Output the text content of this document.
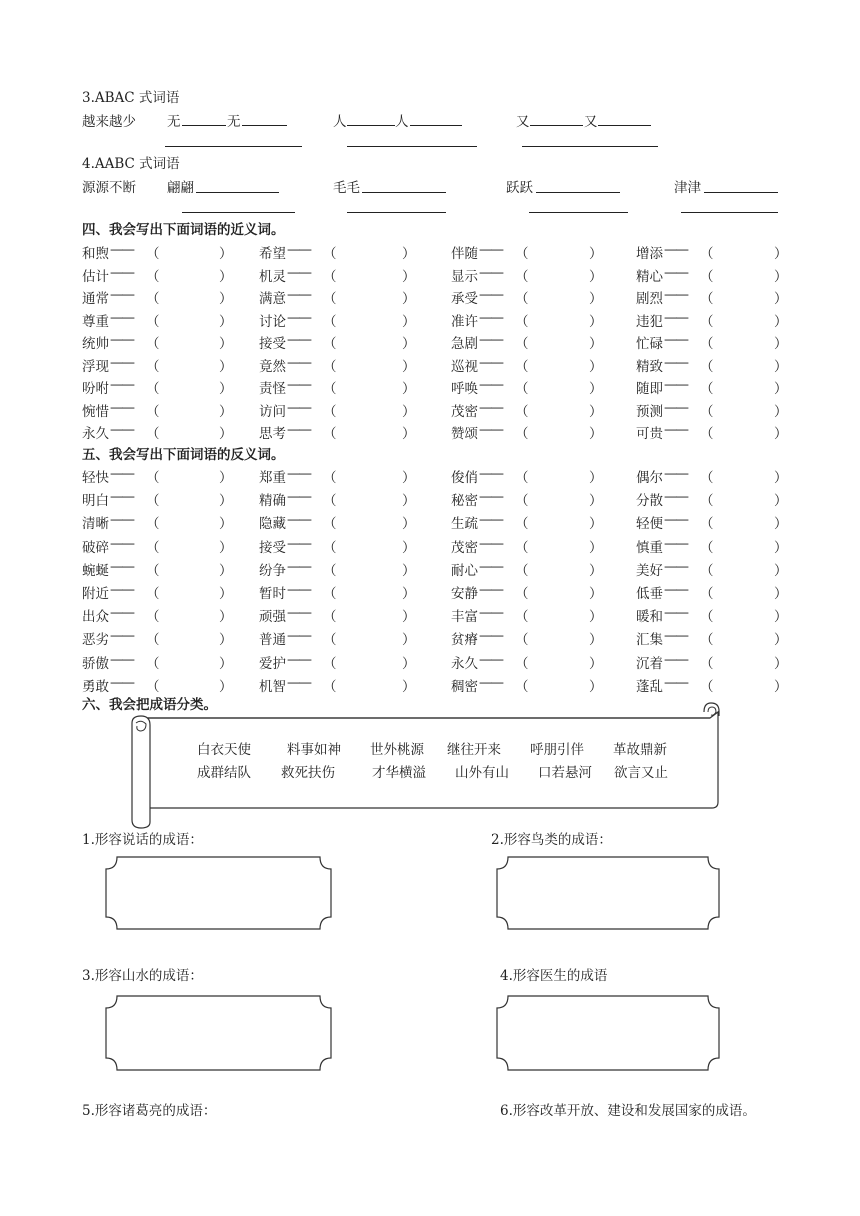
3.ABAC 式词语
越来越少 无	无	人	人	又	又
4.AABC 式词语
源源不断 翩翩	毛毛	跃跃	津津
四、我会写出下面词语的近义词。
和煦 —— （	） 希望 —— （	）	伴随 —— （	） 增添 —— （	）
估计 —— （	） 机灵 —— （	）	显示 —— （	） 精心 —— （	）
通常 —— （	） 满意 —— （	）	承受 —— （	） 剧烈 —— （	）
尊重 —— （	） 讨论 —— （	）	准许 —— （	） 违犯 —— （	）
统帅 —— （	） 接受 —— （	）	急剧 —— （	） 忙碌 —— （	）
浮现 —— （	） 竟然 —— （	）	巡视 —— （	） 精致 —— （	）
吩咐 —— （	） 责怪 —— （	）	呼唤 —— （	） 随即 —— （	）
惋惜 —— （	） 访问 —— （	）	茂密 —— （	） 预测 —— （	）
永久 —— （	） 思考 —— （	）	赞颂 —— （	） 可贵 —— （	）
五、我会写出下面词语的反义词。
轻快 —— （	） 郑重 —— （	）	俊俏 —— （	） 偶尔 —— （	）
明白 —— （	） 精确 —— （	）	秘密 —— （	） 分散 —— （	）
清晰 —— （	） 隐藏 —— （	）	生疏 —— （	） 轻便 —— （	）
破碎 —— （	） 接受 —— （	）	茂密 —— （	） 慎重 —— （	）
蜿蜒 —— （	） 纷争 —— （	）	耐心 —— （	） 美好 —— （	）
附近 —— （	） 暂时 —— （	）	安静 —— （	） 低垂 —— （	）
出众 —— （	） 顽强 —— （	）	丰富 —— （	） 暖和 —— （	）
恶劣 —— （	） 普通 —— （	）	贫瘠 —— （	） 汇集 —— （	）
骄傲 —— （	） 爱护 —— （	）	永久 —— （	） 沉着 —— （	）
勇敢 —— （	） 机智 —— （	）	稠密 —— （	） 蓬乱 —— （	）
六、我会把成语分类。
白衣天使	料事如神 世外桃源 继往开来 呼朋引伴 革故鼎新
成群结队 救死扶伤	才华横溢 山外有山 口若悬河 欲言又止
1.形容说话的成语：	2.形容鸟类的成语：
3.形容山水的成语：	4.形容医生的成语
5.形容诸葛亮的成语：	6.形容改革开放、建设和发展国家的成语。
